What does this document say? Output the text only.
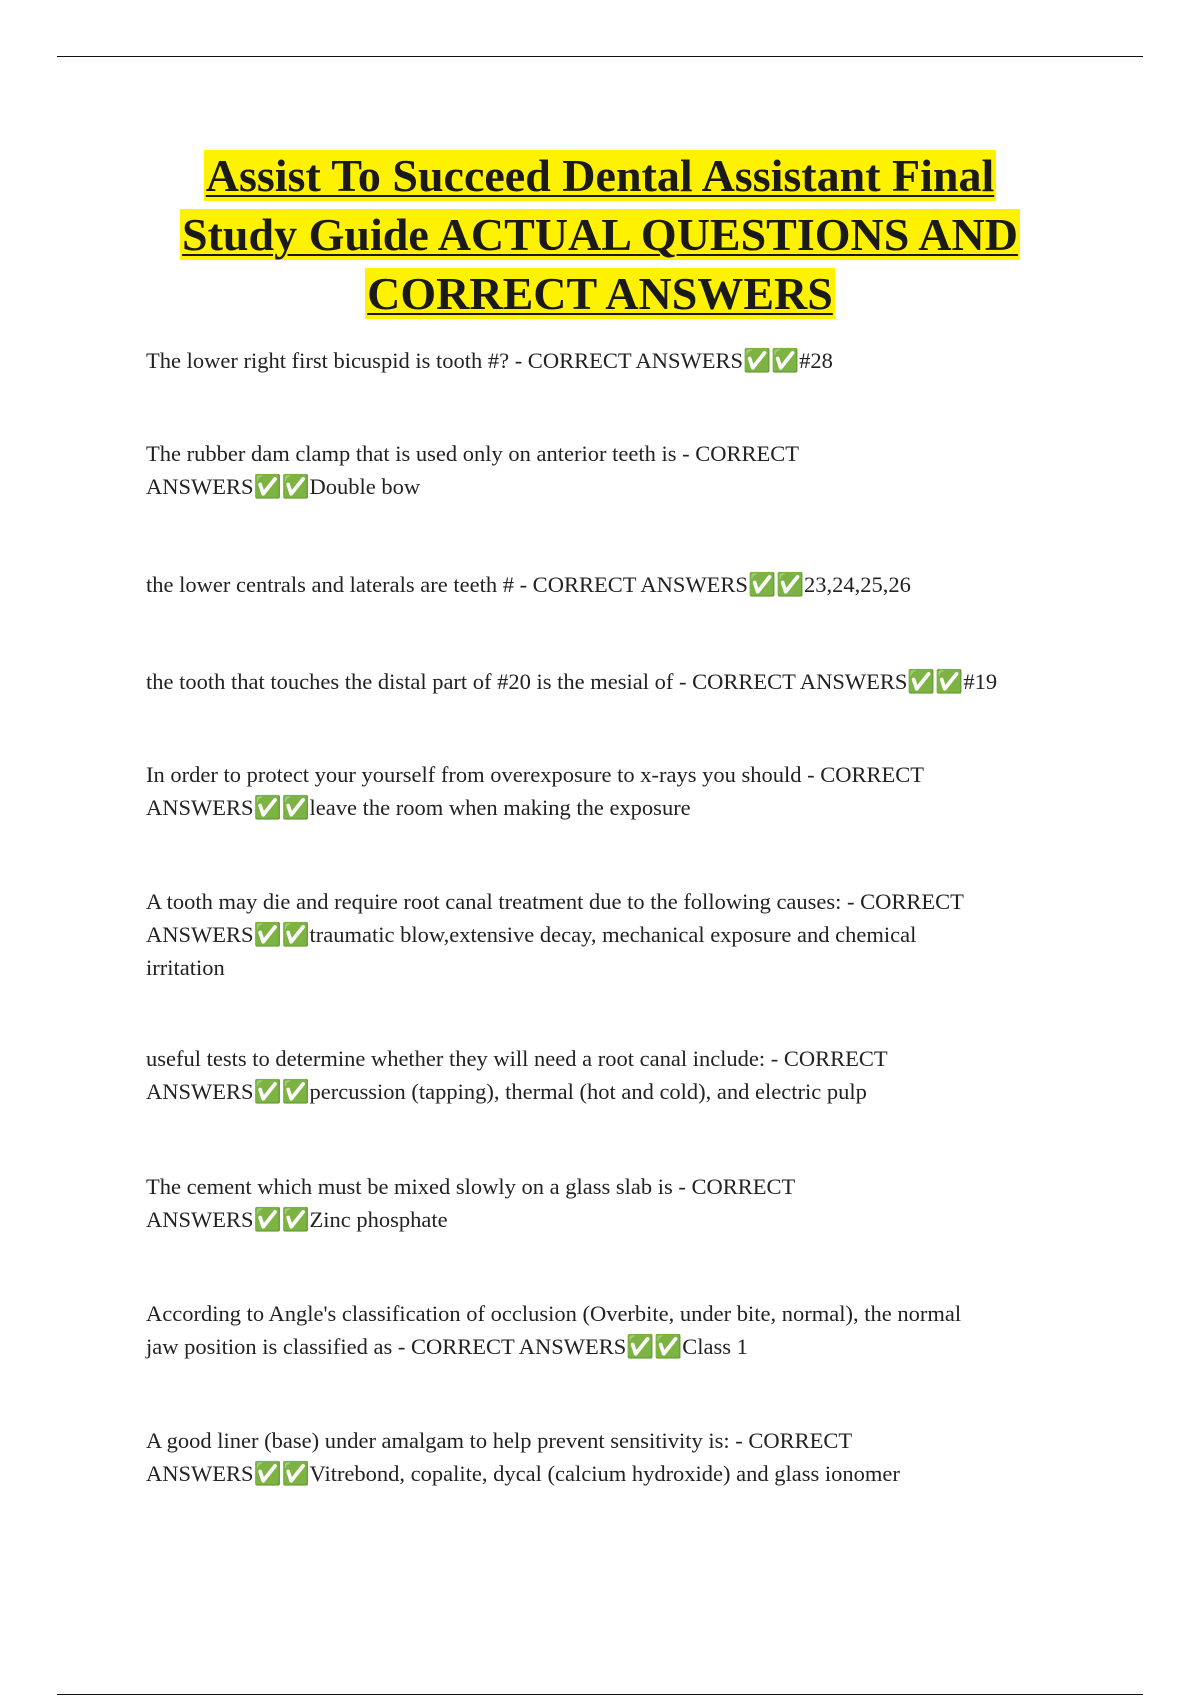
Assist To Succeed Dental Assistant Final
Study Guide ACTUAL QUESTIONS AND
CORRECT ANSWERS
The lower right first bicuspid is tooth #? - CORRECT ANSWERS✅✅#28
The rubber dam clamp that is used only on anterior teeth is - CORRECT
ANSWERS✅✅Double bow
the lower centrals and laterals are teeth # - CORRECT ANSWERS✅✅23,24,25,26
the tooth that touches the distal part of #20 is the mesial of - CORRECT ANSWERS✅✅#19
In order to protect your yourself from overexposure to x-rays you should - CORRECT
ANSWERS✅✅leave the room when making the exposure
A tooth may die and require root canal treatment due to the following causes: - CORRECT
ANSWERS✅✅traumatic blow,extensive decay, mechanical exposure and chemical
irritation
useful tests to determine whether they will need a root canal include: - CORRECT
ANSWERS✅✅percussion (tapping), thermal (hot and cold), and electric pulp
The cement which must be mixed slowly on a glass slab is - CORRECT
ANSWERS✅✅Zinc phosphate
According to Angle's classification of occlusion (Overbite, under bite, normal), the normal
jaw position is classified as - CORRECT ANSWERS✅✅Class 1
A good liner (base) under amalgam to help prevent sensitivity is: - CORRECT
ANSWERS✅✅Vitrebond, copalite, dycal (calcium hydroxide) and glass ionomer
